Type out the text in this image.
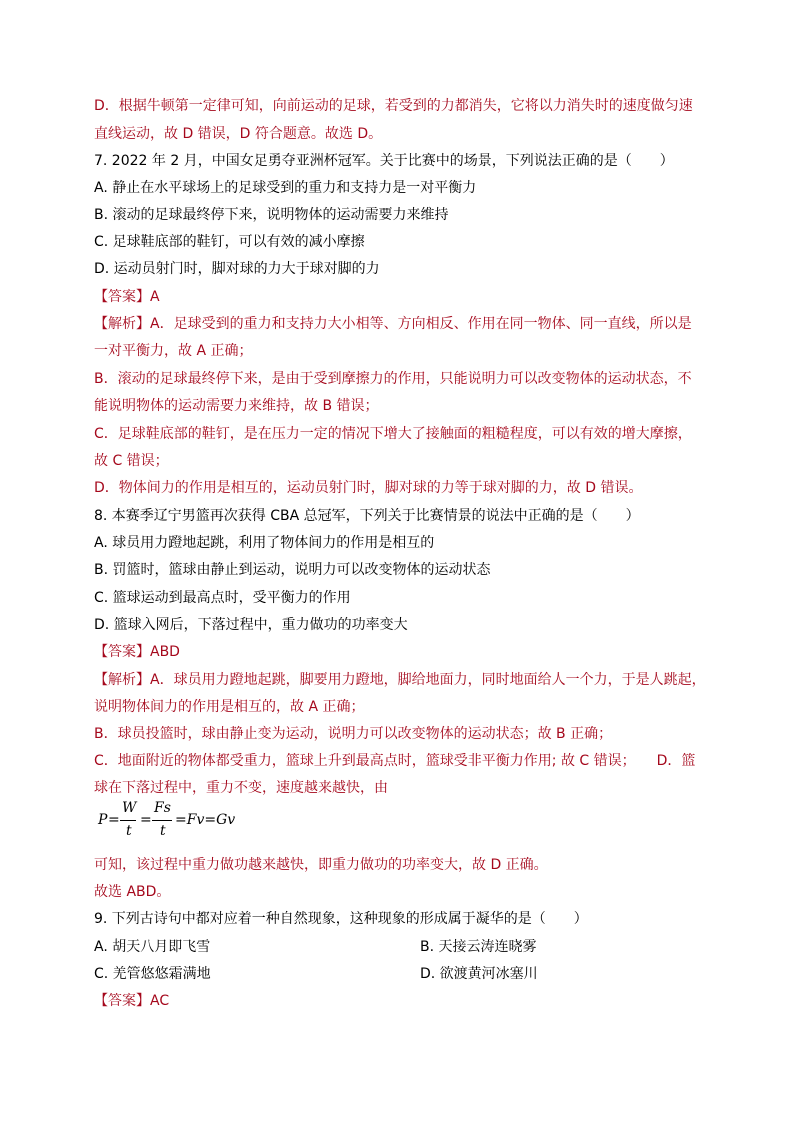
D．根据牛顿第一定律可知，向前运动的足球，若受到的力都消失，它将以力消失时的速度做匀速
直线运动，故 D 错误，D 符合题意。故选 D。
7. 2022 年 2 月，中国女足勇夺亚洲杯冠军。关于比赛中的场景，下列说法正确的是（　　）
A. 静止在水平球场上的足球受到的重力和支持力是一对平衡力
B. 滚动的足球最终停下来，说明物体的运动需要力来维持
C. 足球鞋底部的鞋钉，可以有效的减小摩擦
D. 运动员射门时，脚对球的力大于球对脚的力
【答案】A
【解析】A．足球受到的重力和支持力大小相等、方向相反、作用在同一物体、同一直线，所以是
一对平衡力，故 A 正确；
B．滚动的足球最终停下来，是由于受到摩擦力的作用，只能说明力可以改变物体的运动状态，不
能说明物体的运动需要力来维持，故 B 错误；
C．足球鞋底部的鞋钉，是在压力一定的情况下增大了接触面的粗糙程度，可以有效的增大摩擦，
故 C 错误；
D．物体间力的作用是相互的，运动员射门时，脚对球的力等于球对脚的力，故 D 错误。
8. 本赛季辽宁男篮再次获得 CBA 总冠军，下列关于比赛情景的说法中正确的是（　　）
A. 球员用力蹬地起跳，利用了物体间力的作用是相互的
B. 罚篮时，篮球由静止到运动，说明力可以改变物体的运动状态
C. 篮球运动到最高点时，受平衡力的作用
D. 篮球入网后，下落过程中，重力做功的功率变大
【答案】ABD
【解析】A．球员用力蹬地起跳，脚要用力蹬地，脚给地面力，同时地面给人一个力，于是人跳起，
说明物体间力的作用是相互的，故 A 正确；
B．球员投篮时，球由静止变为运动，说明力可以改变物体的运动状态；故 B 正确；
C．地面附近的物体都受重力，篮球上升到最高点时，篮球受非平衡力作用; 故 C 错误；　　D．篮
球在下落过程中，重力不变，速度越来越快，由
P =
W
t
=
Fs
t
=Fv=Gv
可知，该过程中重力做功越来越快，即重力做功的功率变大，故 D 正确。
故选 ABD。
9. 下列古诗句中都对应着一种自然现象，这种现象的形成属于凝华的是（　　）
A. 胡天八月即飞雪	B. 天接云涛连晓雾
C. 羌管悠悠霜满地	D. 欲渡黄河冰塞川
【答案】AC
